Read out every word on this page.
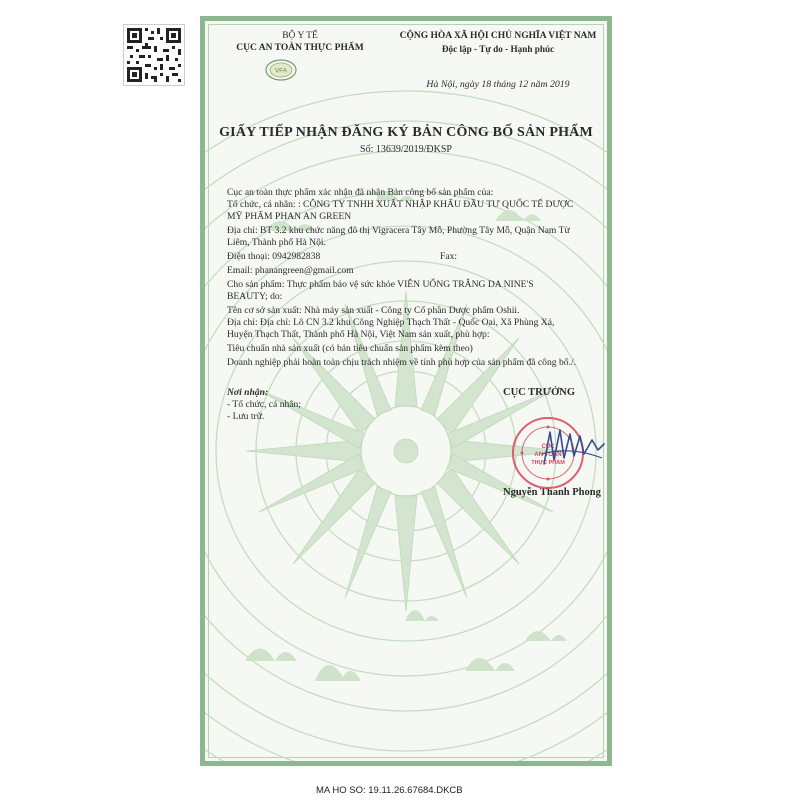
BỘ Y TẾ
CỤC AN TOÀN THỰC PHẨM
VFA
CỘNG HÒA XÃ HỘI CHỦ NGHĨA VIỆT NAM
Độc lập - Tự do - Hạnh phúc
Hà Nội, ngày 18 tháng 12 năm 2019
GIẤY TIẾP NHẬN ĐĂNG KÝ BẢN CÔNG BỐ SẢN PHẨM
Số: 13639/2019/ĐKSP
Cục an toàn thực phẩm xác nhận đã nhận Bản công bố sản phẩm của:
Tổ chức, cá nhân: : CÔNG TY TNHH XUẤT NHẬP KHẨU ĐẦU TƯ QUỐC TẾ DƯỢC
MỸ PHẨM PHAN AN GREEN
Địa chỉ: BT 3.2 khu chức năng đô thị Vigracera Tây Mỗ, Phường Tây Mỗ, Quận Nam Từ
Liêm, Thành phố Hà Nội.
Điện thoại: 0942982838	Fax:
Email: phanangreen@gmail.com
Cho sản phẩm: Thực phẩm bảo vệ sức khỏe VIÊN UỐNG TRẮNG DA NINE'S
BEAUTY; do:
Tên cơ sở sản xuất: Nhà máy sản xuất - Công ty Cổ phần Dược phẩm Oshii.
Địa chỉ: Địa chỉ: Lô CN 3.2 khu Công Nghiệp Thạch Thất - Quốc Oai, Xã Phùng Xá,
Huyện Thạch Thất, Thành phố Hà Nội, Việt Nam sản xuất, phù hợp:
Tiêu chuẩn nhà sản xuất (có bản tiêu chuẩn sản phẩm kèm theo)
Doanh nghiệp phải hoàn toàn chịu trách nhiệm về tính phù hợp của sản phẩm đã công bố./.
Nơi nhận:
- Tổ chức, cá nhân;
- Lưu trữ.
CỤC TRƯỞNG
Nguyễn Thanh Phong
CỤC
AN TOÀN
THỰC PHẨM
MA HO SO: 19.11.26.67684.DKCB
